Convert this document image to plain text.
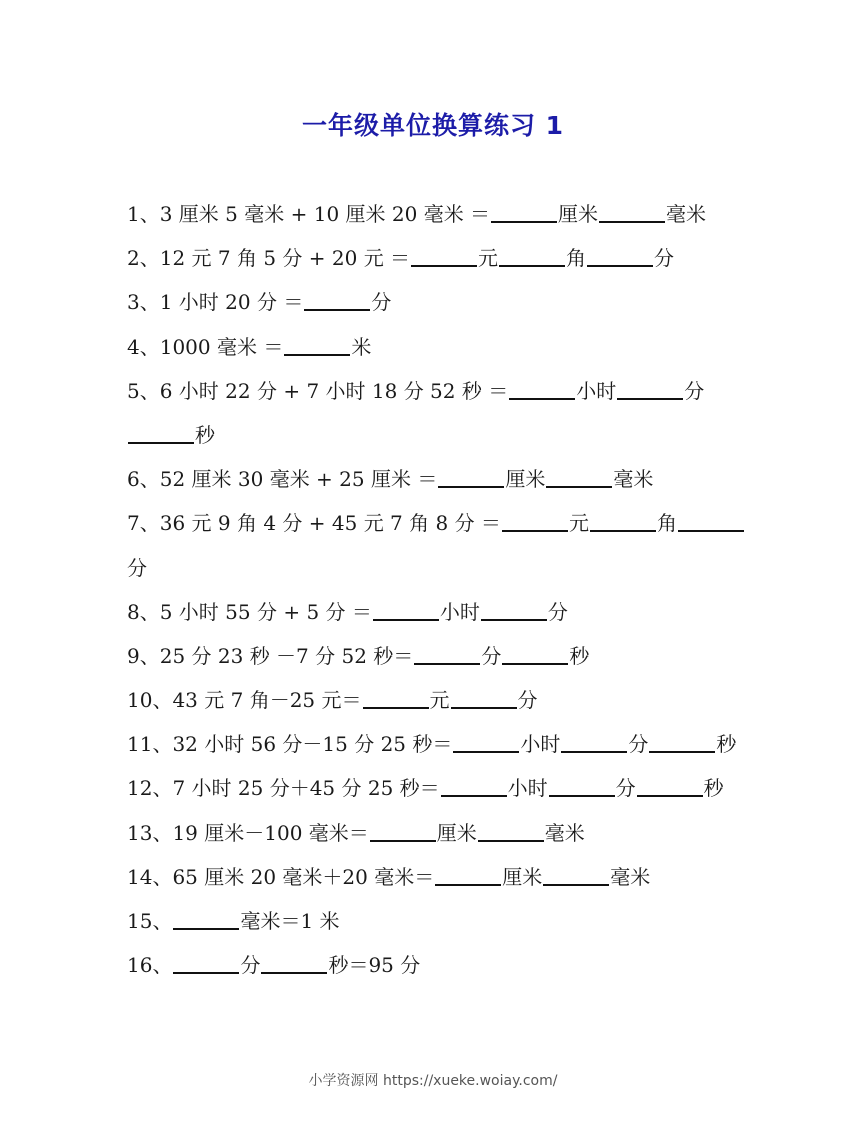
一年级单位换算练习 1
1、3 厘米 5 毫米 + 10 厘米 20 毫米 ＝	厘米	毫米
2、12 元 7 角 5 分 + 20 元 ＝	元	角	分
3、1 小时 20 分 ＝	分
4、1000 毫米 ＝	米
5、6 小时 22 分 + 7 小时 18 分 52 秒 ＝	小时	分
秒
6、52 厘米 30 毫米 + 25 厘米 ＝	厘米	毫米
7、36 元 9 角 4 分 + 45 元 7 角 8 分 ＝	元	角
分
8、5 小时 55 分 + 5 分 ＝	小时	分
9、25 分 23 秒 －7 分 52 秒＝	分	秒
10、43 元 7 角－25 元＝	元	分
11、32 小时 56 分－15 分 25 秒＝	小时	分	秒
12、7 小时 25 分＋45 分 25 秒＝	小时	分	秒
13、19 厘米－100 毫米＝	厘米	毫米
14、65 厘米 20 毫米＋20 毫米＝	厘米	毫米
15、	毫米＝1 米
16、	分	秒＝95 分
小学资源网 https://xueke.woiay.com/
